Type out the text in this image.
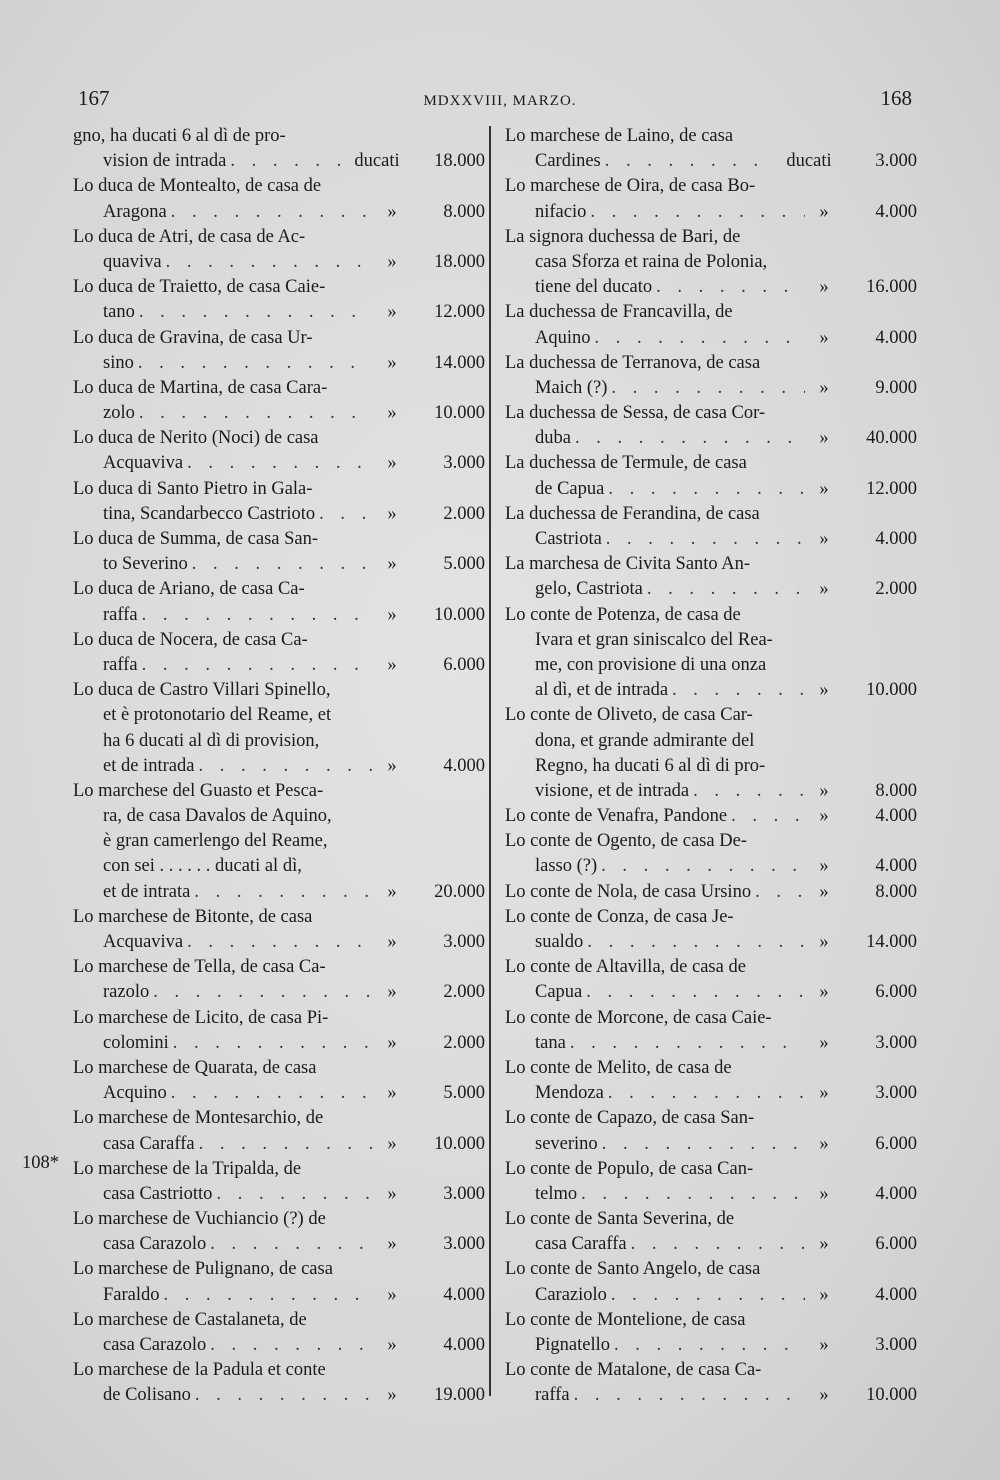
167	MDXXVIII, MARZO.	168
gno, ha ducati 6 al dì de pro-
vision de intrada . . .	ducati	18.000
Lo duca de Montealto, de casa de
Aragona . . .	»	8.000
Lo duca de Atri, de casa de Ac-
quaviva . . .	»	18.000
Lo duca de Traietto, de casa Caie-
tano . . .	»	12.000
Lo duca de Gravina, de casa Ur-
sino . . .	»	14.000
Lo duca de Martina, de casa Cara-
zolo . . .	»	10.000
Lo duca de Nerito (Noci) de casa
Acquaviva . . .	»	3.000
Lo duca di Santo Pietro in Gala-
tina, Scandarbecco Castrioto . . .	»	2.000
Lo duca de Summa, de casa San-
to Severino . . .	»	5.000
Lo duca de Ariano, de casa Ca-
raffa . . .	»	10.000
Lo duca de Nocera, de casa Ca-
raffa . . .	»	6.000
Lo duca de Castro Villari Spinello,
et è protonotario del Reame, et
ha 6 ducati al dì di provision,
et de intrada . . .	»	4.000
Lo marchese del Guasto et Pesca-
ra, de casa Davalos de Aquino,
è gran camerlengo del Reame,
con sei . . . . . . ducati al dì,
et de intrata . . .	»	20.000
Lo marchese de Bitonte, de casa
Acquaviva . . .	»	3.000
Lo marchese de Tella, de casa Ca-
razolo . . .	»	2.000
Lo marchese de Licito, de casa Pi-
colomini . . .	»	2.000
Lo marchese de Quarata, de casa
Acquino . . .	»	5.000
Lo marchese de Montesarchio, de
casa Caraffa . . .	»	10.000
Lo marchese de la Tripalda, de
casa Castriotto . . .	»	3.000
Lo marchese de Vuchiancio (?) de
casa Carazolo . . .	»	3.000
Lo marchese de Pulignano, de casa
Faraldo . . .	»	4.000
Lo marchese de Castalaneta, de
casa Carazolo . . .	»	4.000
Lo marchese de la Padula et conte
de Colisano . . .	»	19.000
Lo marchese de Laino, de casa
Cardines . . .	ducati	3.000
Lo marchese de Oira, de casa Bo-
nifacio . . .	»	4.000
La signora duchessa de Bari, de
casa Sforza et raina de Polonia,
tiene del ducato . . .	»	16.000
La duchessa de Francavilla, de
Aquino . . .	»	4.000
La duchessa de Terranova, de casa
Maich (?) . . .	»	9.000
La duchessa de Sessa, de casa Cor-
duba . . .	»	40.000
La duchessa de Termule, de casa
de Capua . . .	»	12.000
La duchessa de Ferandina, de casa
Castriota . . .	»	4.000
La marchesa de Civita Santo An-
gelo, Castriota . . .	»	2.000
Lo conte de Potenza, de casa de
Ivara et gran siniscalco del Rea-
me, con provisione di una onza
al dì, et de intrada . . .	»	10.000
Lo conte de Oliveto, de casa Car-
dona, et grande admirante del
Regno, ha ducati 6 al dì di pro-
visione, et de intrada . . .	»	8.000
Lo conte de Venafra, Pandone . . .	»	4.000
Lo conte de Ogento, de casa De-
lasso (?) . . .	»	4.000
Lo conte de Nola, de casa Ursino . . .	»	8.000
Lo conte de Conza, de casa Je-
sualdo . . .	»	14.000
Lo conte de Altavilla, de casa de
Capua . . .	»	6.000
Lo conte de Morcone, de casa Caie-
tana . . .	»	3.000
Lo conte de Melito, de casa de
Mendoza . . .	»	3.000
Lo conte de Capazo, de casa San-
severino . . .	»	6.000
Lo conte de Populo, de casa Can-
telmo . . .	»	4.000
Lo conte de Santa Severina, de
casa Caraffa . . .	»	6.000
Lo conte de Santo Angelo, de casa
Caraziolo . . .	»	4.000
Lo conte de Montelione, de casa
Pignatello . . .	»	3.000
Lo conte de Matalone, de casa Ca-
raffa . . .	»	10.000
108*
